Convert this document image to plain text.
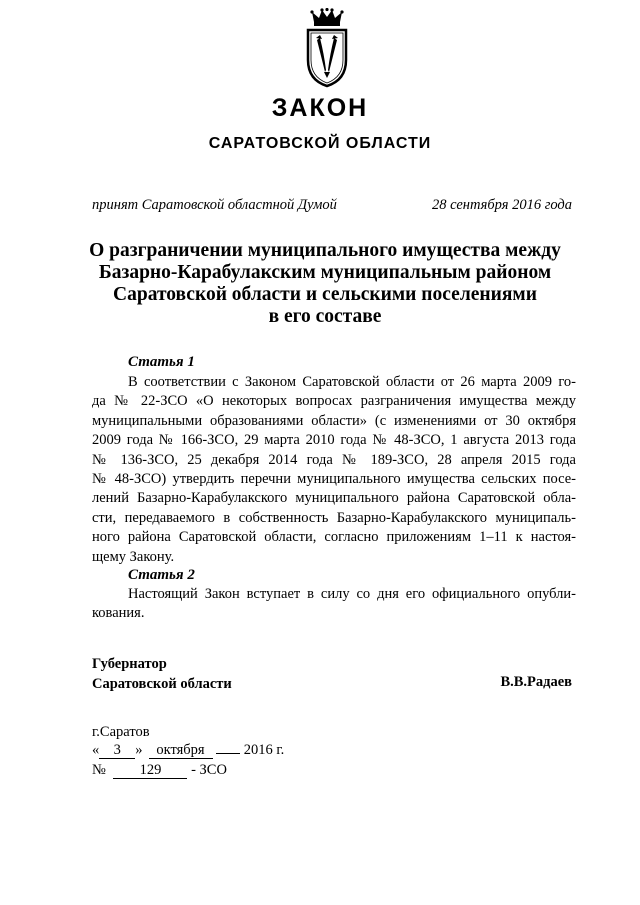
ЗАКОН
САРАТОВСКОЙ ОБЛАСТИ
принят Саратовской областной Думой	28 сентября 2016 года
О разграничении муниципального имущества между
Базарно-Карабулакским муниципальным районом
Саратовской области и сельскими поселениями
в его составе
Статья 1
В соответствии с Законом Саратовской области от 26 марта 2009 го-
да № 22-ЗСО «О некоторых вопросах разграничения имущества между
муниципальными образованиями области» (с изменениями от 30 октября
2009 года № 166-ЗСО, 29 марта 2010 года № 48-ЗСО, 1 августа 2013 года
№ 136-ЗСО, 25 декабря 2014 года № 189-ЗСО, 28 апреля 2015 года
№ 48-ЗСО) утвердить перечни муниципального имущества сельских посе-
лений Базарно-Карабулакского муниципального района Саратовской обла-
сти, передаваемого в собственность Базарно-Карабулакского муниципаль-
ного района Саратовской области, согласно приложениям 1–11 к настоя-
щему Закону.
Статья 2
Настоящий Закон вступает в силу со дня его официального опубли-
кования.
Губернатор
Саратовской области	В.В.Радаев
г.Саратов
« 3 » октября	2016 г.
№ 129 - ЗСО
